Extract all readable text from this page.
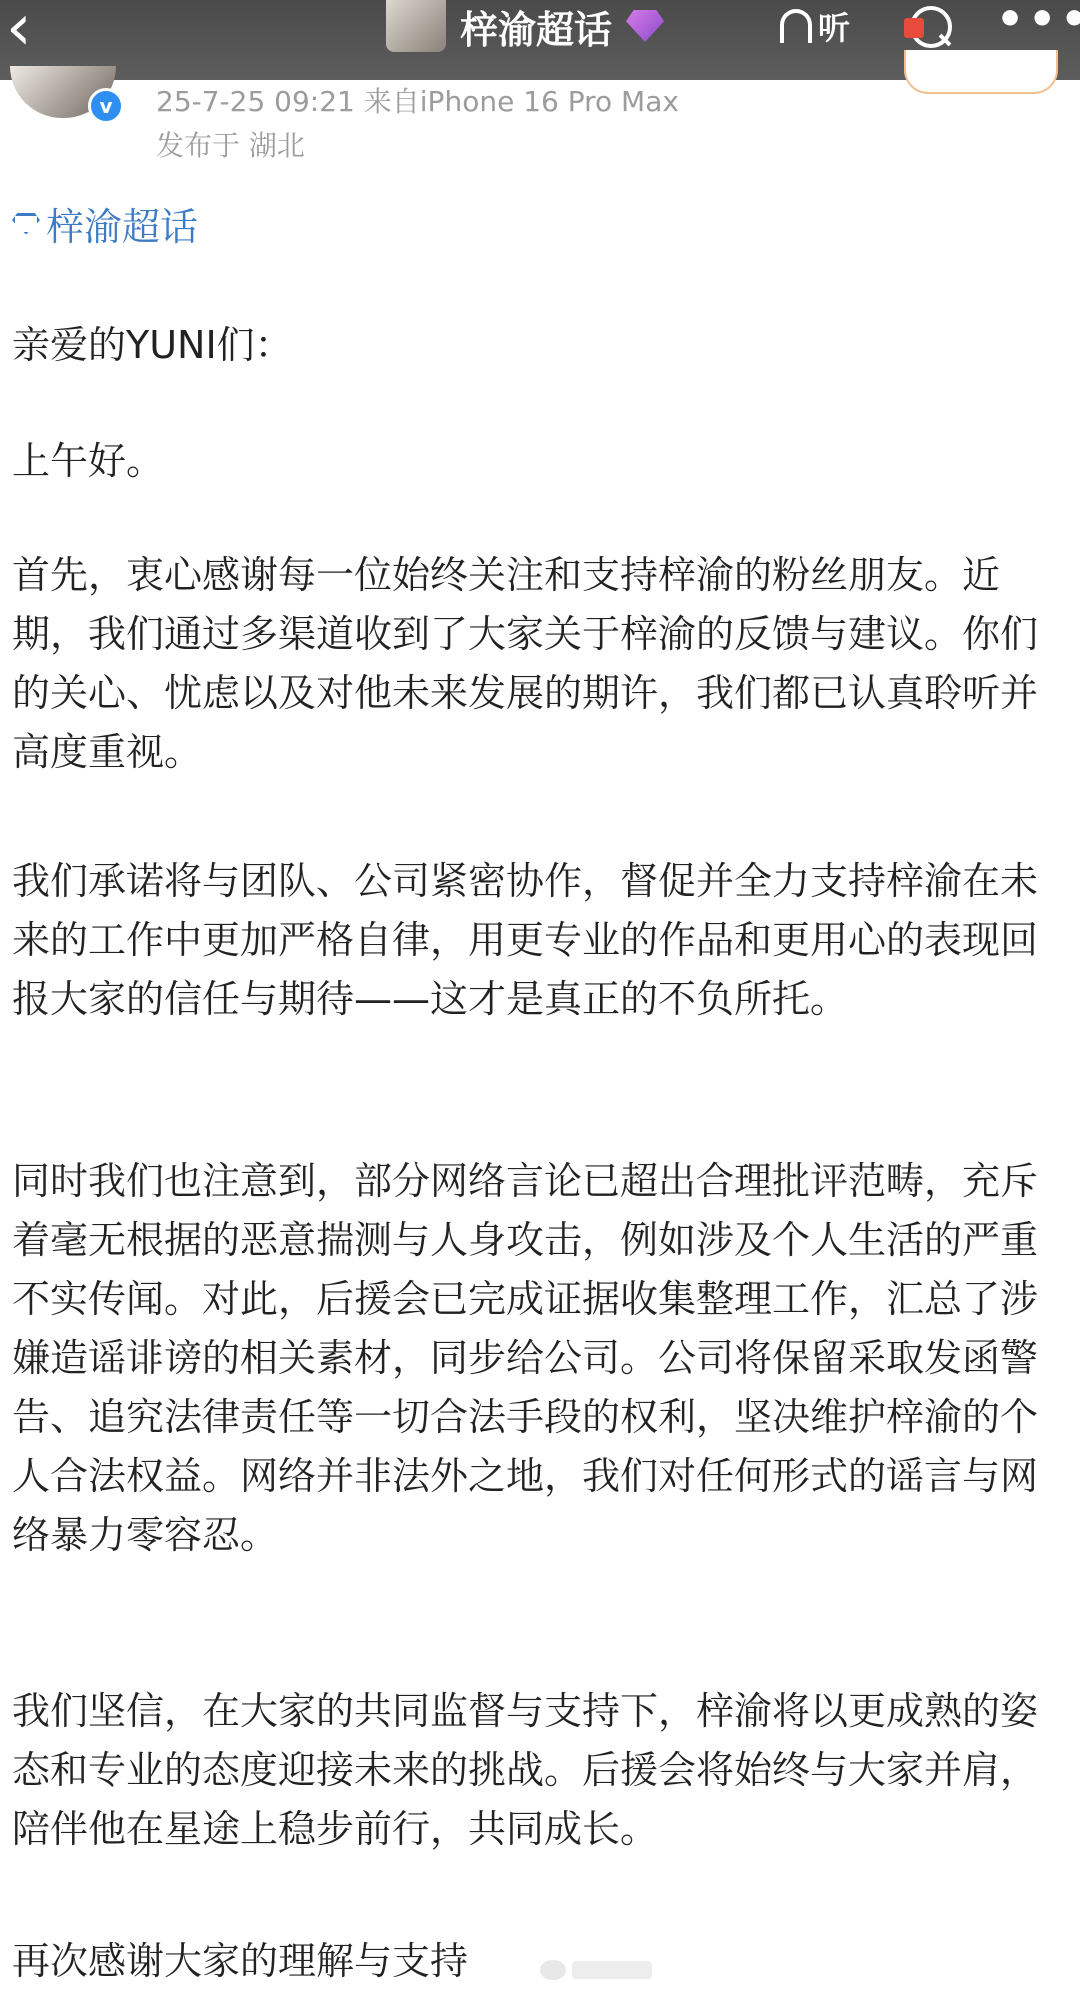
‹	梓渝超话	听	•••
v	25-7-25 09:21 来自iPhone 16 Pro Max
发布于 湖北
梓渝超话

亲爱的YUNI们：

上午好。

首先，衷心感谢每一位始终关注和支持梓渝的粉丝朋友。近期，我们通过多渠道收到了大家关于梓渝的反馈与建议。你们的关心、忧虑以及对他未来发展的期许，我们都已认真聆听并高度重视。

我们承诺将与团队、公司紧密协作，督促并全力支持梓渝在未来的工作中更加严格自律，用更专业的作品和更用心的表现回报大家的信任与期待——这才是真正的不负所托。

同时我们也注意到，部分网络言论已超出合理批评范畴，充斥着毫无根据的恶意揣测与人身攻击，例如涉及个人生活的严重不实传闻。对此，后援会已完成证据收集整理工作，汇总了涉嫌造谣诽谤的相关素材，同步给公司。公司将保留采取发函警告、追究法律责任等一切合法手段的权利，坚决维护梓渝的个人合法权益。网络并非法外之地，我们对任何形式的谣言与网络暴力零容忍。

我们坚信，在大家的共同监督与支持下，梓渝将以更成熟的姿态和专业的态度迎接未来的挑战。后援会将始终与大家并肩，陪伴他在星途上稳步前行，共同成长。

再次感谢大家的理解与支持
